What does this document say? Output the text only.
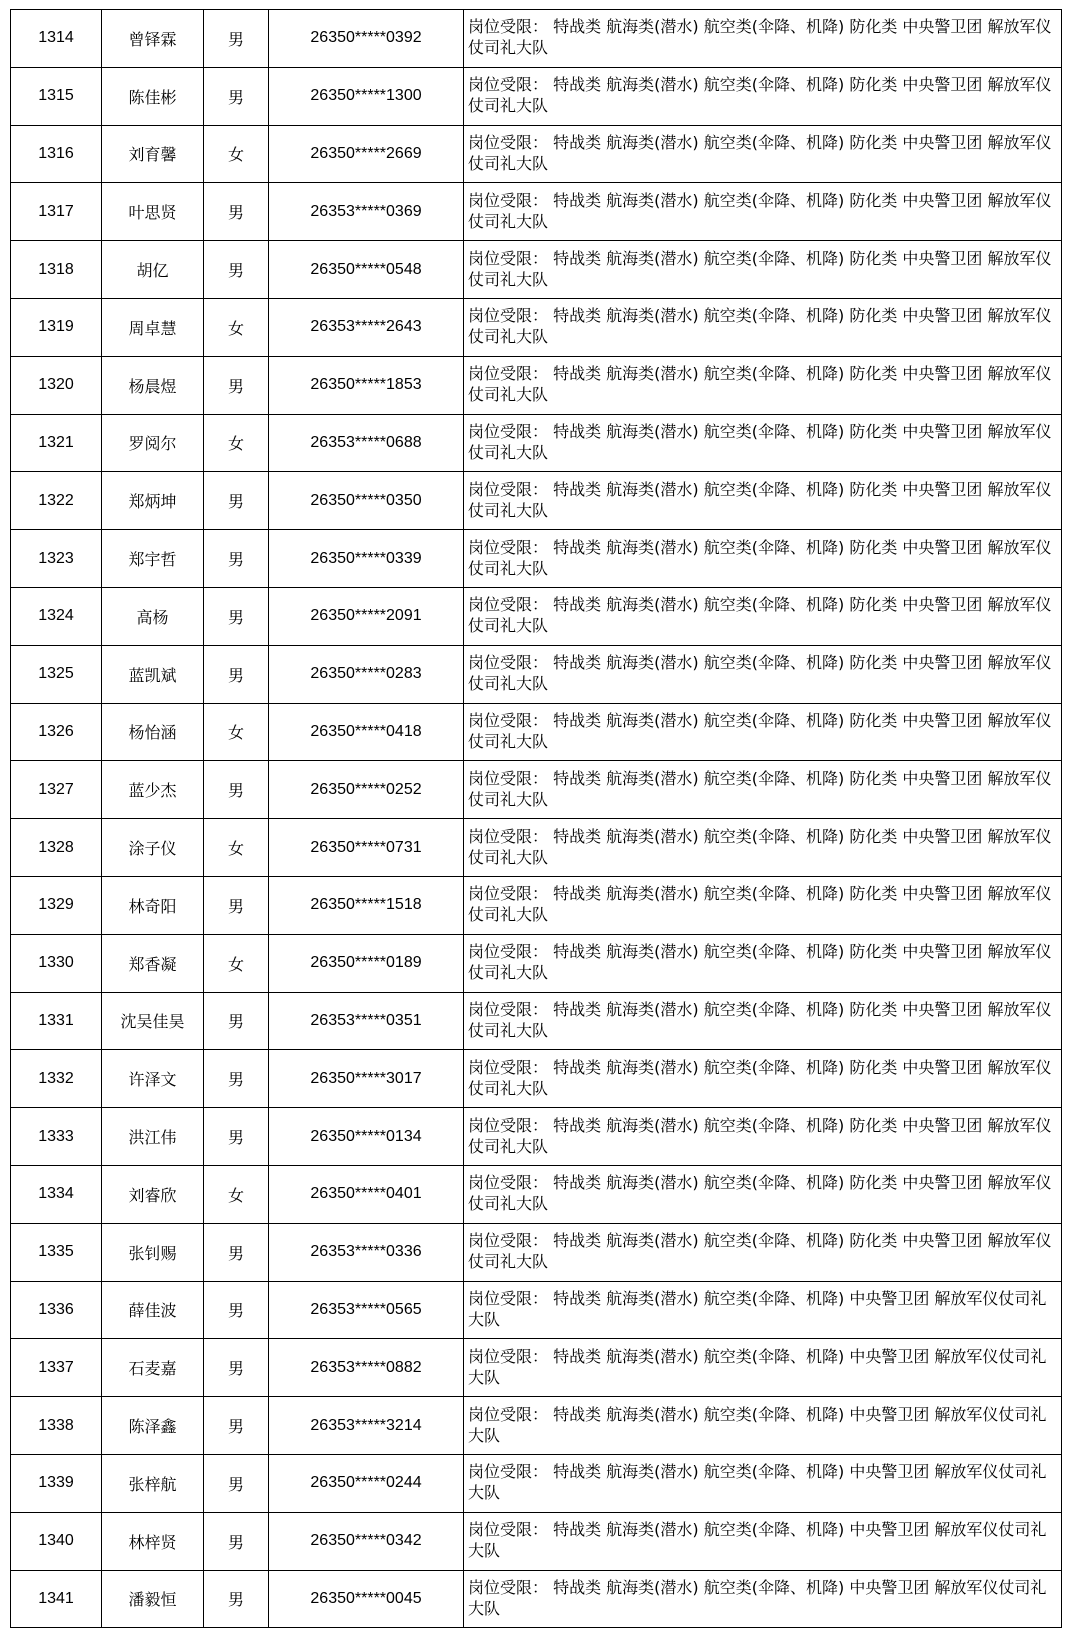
1314	曾铎霖	男	26350*****0392	岗位受限： 特战类 航海类(潜水) 航空类(伞降、机降) 防化类 中央警卫团 解放军仪仗司礼大队
1315	陈佳彬	男	26350*****1300	岗位受限： 特战类 航海类(潜水) 航空类(伞降、机降) 防化类 中央警卫团 解放军仪仗司礼大队
1316	刘育馨	女	26350*****2669	岗位受限： 特战类 航海类(潜水) 航空类(伞降、机降) 防化类 中央警卫团 解放军仪仗司礼大队
1317	叶思贤	男	26353*****0369	岗位受限： 特战类 航海类(潜水) 航空类(伞降、机降) 防化类 中央警卫团 解放军仪仗司礼大队
1318	胡亿	男	26350*****0548	岗位受限： 特战类 航海类(潜水) 航空类(伞降、机降) 防化类 中央警卫团 解放军仪仗司礼大队
1319	周卓慧	女	26353*****2643	岗位受限： 特战类 航海类(潜水) 航空类(伞降、机降) 防化类 中央警卫团 解放军仪仗司礼大队
1320	杨晨煜	男	26350*****1853	岗位受限： 特战类 航海类(潜水) 航空类(伞降、机降) 防化类 中央警卫团 解放军仪仗司礼大队
1321	罗阅尔	女	26353*****0688	岗位受限： 特战类 航海类(潜水) 航空类(伞降、机降) 防化类 中央警卫团 解放军仪仗司礼大队
1322	郑炳坤	男	26350*****0350	岗位受限： 特战类 航海类(潜水) 航空类(伞降、机降) 防化类 中央警卫团 解放军仪仗司礼大队
1323	郑宇哲	男	26350*****0339	岗位受限： 特战类 航海类(潜水) 航空类(伞降、机降) 防化类 中央警卫团 解放军仪仗司礼大队
1324	高杨	男	26350*****2091	岗位受限： 特战类 航海类(潜水) 航空类(伞降、机降) 防化类 中央警卫团 解放军仪仗司礼大队
1325	蓝凯斌	男	26350*****0283	岗位受限： 特战类 航海类(潜水) 航空类(伞降、机降) 防化类 中央警卫团 解放军仪仗司礼大队
1326	杨怡涵	女	26350*****0418	岗位受限： 特战类 航海类(潜水) 航空类(伞降、机降) 防化类 中央警卫团 解放军仪仗司礼大队
1327	蓝少杰	男	26350*****0252	岗位受限： 特战类 航海类(潜水) 航空类(伞降、机降) 防化类 中央警卫团 解放军仪仗司礼大队
1328	涂子仪	女	26350*****0731	岗位受限： 特战类 航海类(潜水) 航空类(伞降、机降) 防化类 中央警卫团 解放军仪仗司礼大队
1329	林奇阳	男	26350*****1518	岗位受限： 特战类 航海类(潜水) 航空类(伞降、机降) 防化类 中央警卫团 解放军仪仗司礼大队
1330	郑香凝	女	26350*****0189	岗位受限： 特战类 航海类(潜水) 航空类(伞降、机降) 防化类 中央警卫团 解放军仪仗司礼大队
1331	沈吴佳昊	男	26353*****0351	岗位受限： 特战类 航海类(潜水) 航空类(伞降、机降) 防化类 中央警卫团 解放军仪仗司礼大队
1332	许泽文	男	26350*****3017	岗位受限： 特战类 航海类(潜水) 航空类(伞降、机降) 防化类 中央警卫团 解放军仪仗司礼大队
1333	洪江伟	男	26350*****0134	岗位受限： 特战类 航海类(潜水) 航空类(伞降、机降) 防化类 中央警卫团 解放军仪仗司礼大队
1334	刘睿欣	女	26350*****0401	岗位受限： 特战类 航海类(潜水) 航空类(伞降、机降) 防化类 中央警卫团 解放军仪仗司礼大队
1335	张钊赐	男	26353*****0336	岗位受限： 特战类 航海类(潜水) 航空类(伞降、机降) 防化类 中央警卫团 解放军仪仗司礼大队
1336	薛佳波	男	26353*****0565	岗位受限： 特战类 航海类(潜水) 航空类(伞降、机降) 中央警卫团 解放军仪仗司礼大队
1337	石麦嘉	男	26353*****0882	岗位受限： 特战类 航海类(潜水) 航空类(伞降、机降) 中央警卫团 解放军仪仗司礼大队
1338	陈泽鑫	男	26353*****3214	岗位受限： 特战类 航海类(潜水) 航空类(伞降、机降) 中央警卫团 解放军仪仗司礼大队
1339	张梓航	男	26350*****0244	岗位受限： 特战类 航海类(潜水) 航空类(伞降、机降) 中央警卫团 解放军仪仗司礼大队
1340	林梓贤	男	26350*****0342	岗位受限： 特战类 航海类(潜水) 航空类(伞降、机降) 中央警卫团 解放军仪仗司礼大队
1341	潘毅恒	男	26350*****0045	岗位受限： 特战类 航海类(潜水) 航空类(伞降、机降) 中央警卫团 解放军仪仗司礼大队
